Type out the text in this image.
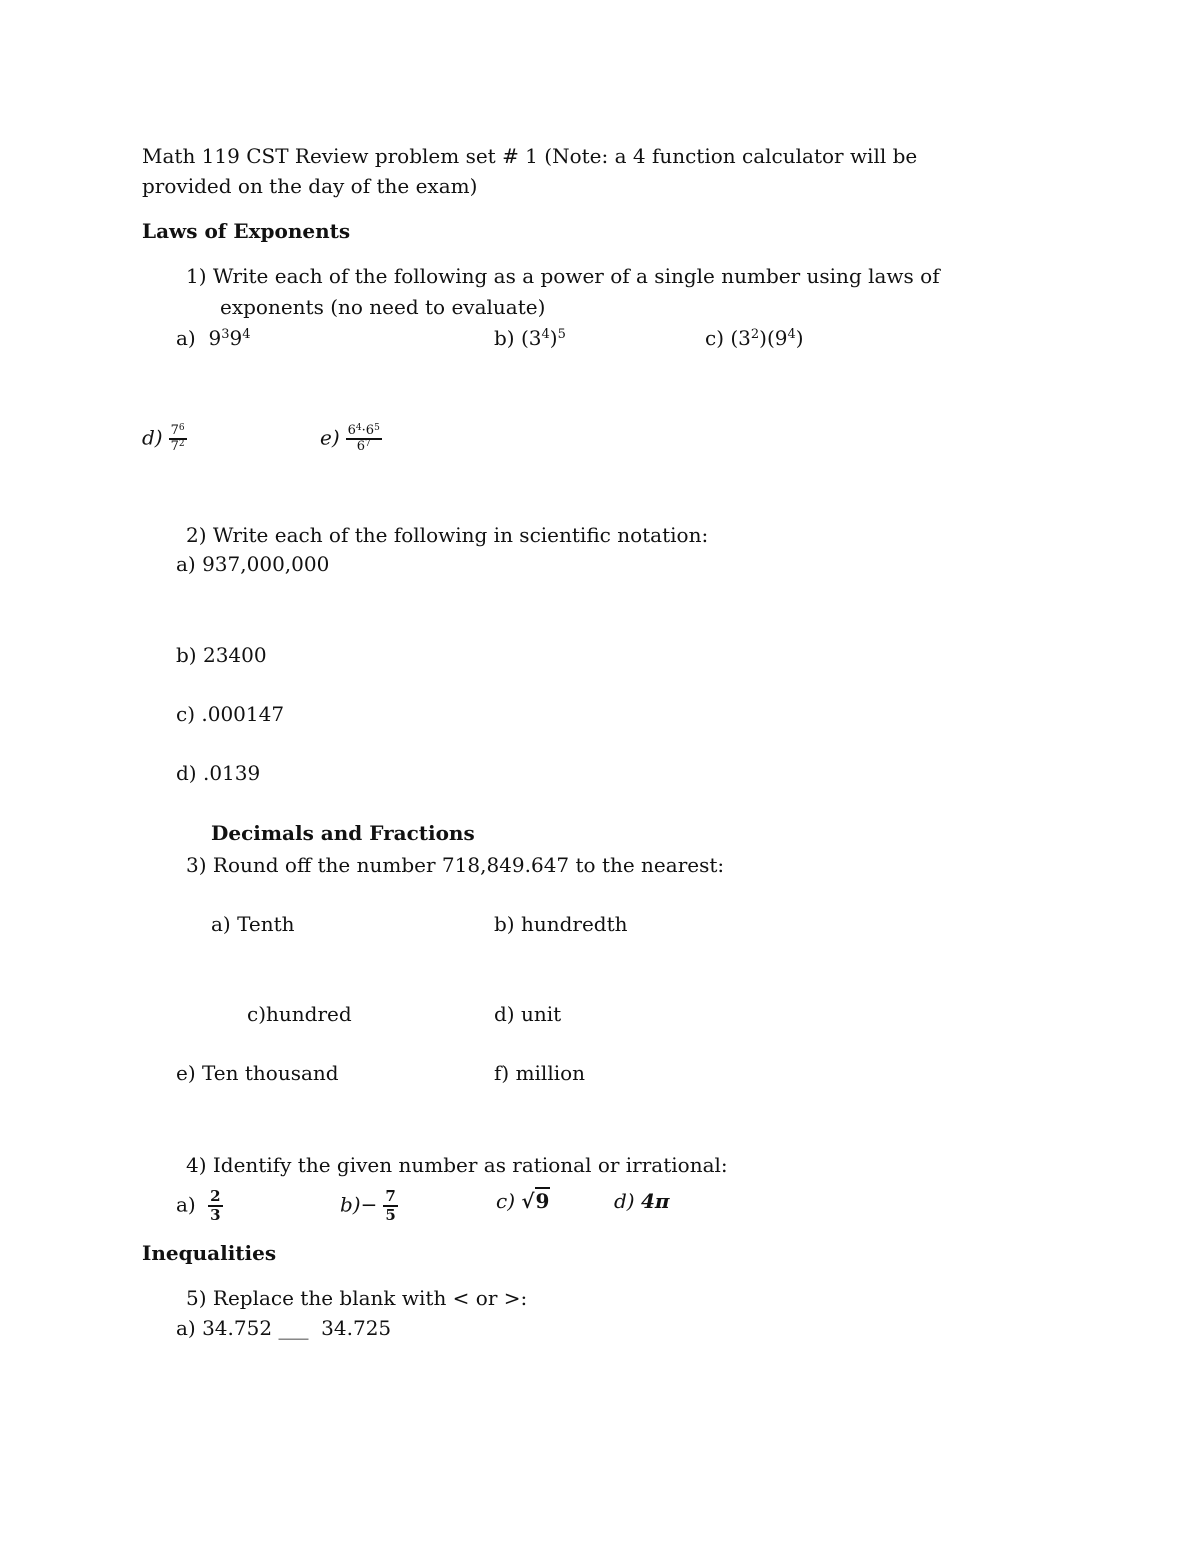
Math 119 CST Review problem set # 1 (Note: a 4 function calculator will be
provided on the day of the exam)
Laws of Exponents
1) Write each of the following as a power of a single number using laws of
exponents (no need to evaluate)
a) $9^39^4$	b) $(3^4)^5$	c) $(3^2)(9^4)$
$d) \frac{7^6}{7^2}$	$e) \frac{6^4\cdot 6^5}{6^7}$
2) Write each of the following in scientific notation:
a) 937,000,000
b) 23400
c) .000147
d) .0139
Decimals and Fractions
3) Round off the number 718,849.647 to the nearest:
a) Tenth	b) hundredth
c)hundred	d) unit
e) Ten thousand	f) million
4) Identify the given number as rational or irrational:
$a) \frac{2}{3}$	$b)- \frac{7}{5}$	c) √9	d) 4π
Inequalities
5) Replace the blank with < or >:
a) 34.752 ___ 34.725
